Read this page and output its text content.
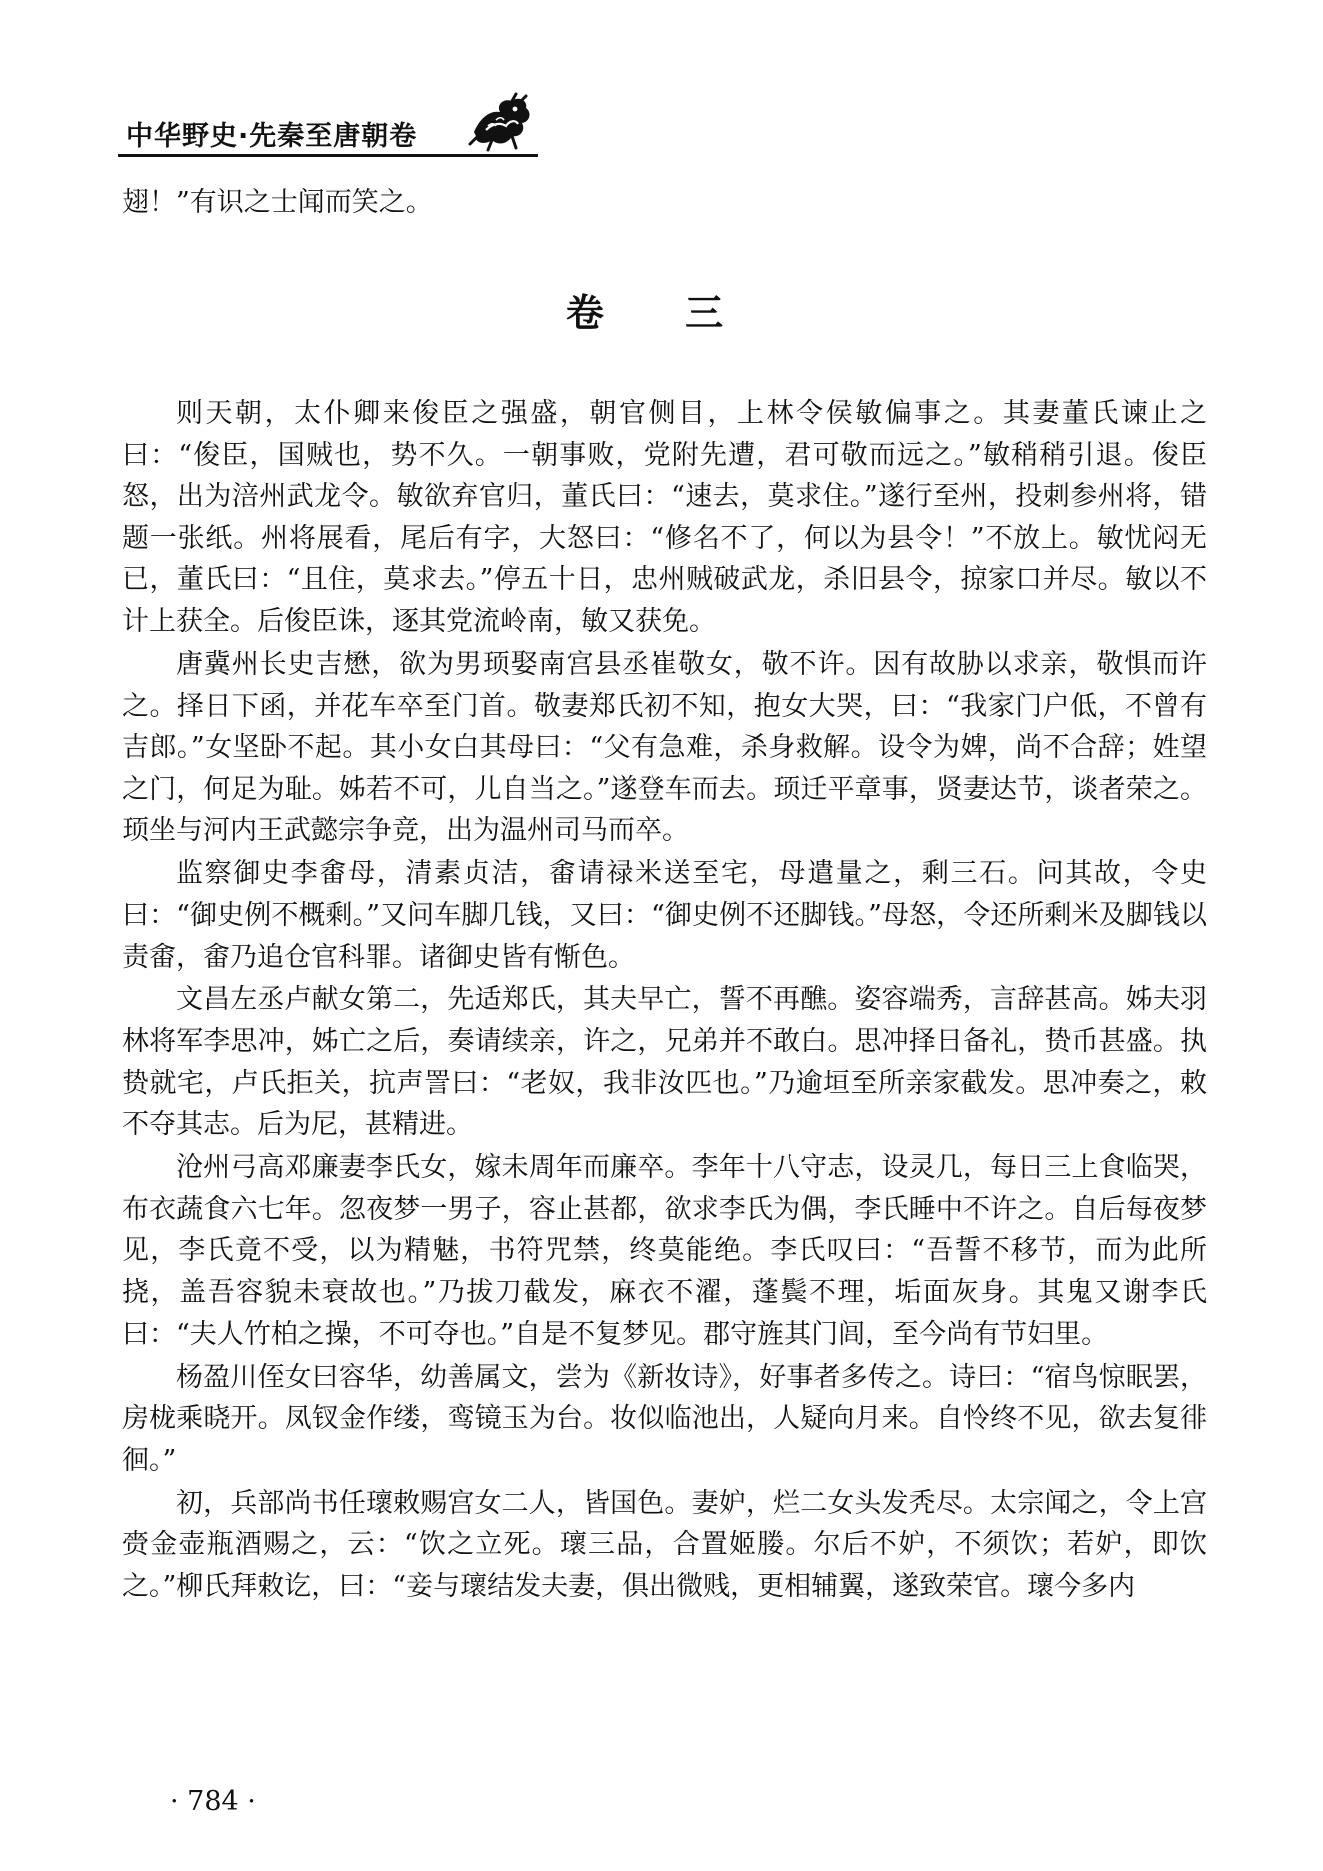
中华野史·先秦至唐朝卷
翅！”有识之士闻而笑之。
卷 三

则天朝，太仆卿来俊臣之强盛，朝官侧目，上林令侯敏偏事之。其妻董氏谏止之曰：“俊臣，国贼也，势不久。一朝事败，党附先遭，君可敬而远之。”敏稍稍引退。俊臣怒，出为涪州武龙令。敏欲弃官归，董氏曰：“速去，莫求住。”遂行至州，投刺参州将，错题一张纸。州将展看，尾后有字，大怒曰：“修名不了，何以为县令！”不放上。敏忧闷无已，董氏曰：“且住，莫求去。”停五十日，忠州贼破武龙，杀旧县令，掠家口并尽。敏以不计上获全。后俊臣诛，逐其党流岭南，敏又获免。

唐冀州长史吉懋，欲为男顼娶南宫县丞崔敬女，敬不许。因有故胁以求亲，敬惧而许之。择日下函，并花车卒至门首。敬妻郑氏初不知，抱女大哭，曰：“我家门户低，不曾有吉郎。”女坚卧不起。其小女白其母曰：“父有急难，杀身救解。设令为婢，尚不合辞；姓望之门，何足为耻。姊若不可，儿自当之。”遂登车而去。顼迁平章事，贤妻达节，谈者荣之。顼坐与河内王武懿宗争竞，出为温州司马而卒。

监察御史李畬母，清素贞洁，畬请禄米送至宅，母遣量之，剩三石。问其故，令史曰：“御史例不概剩。”又问车脚几钱，又曰：“御史例不还脚钱。”母怒，令还所剩米及脚钱以责畬，畬乃追仓官科罪。诸御史皆有惭色。

文昌左丞卢献女第二，先适郑氏，其夫早亡，誓不再醮。姿容端秀，言辞甚高。姊夫羽林将军李思冲，姊亡之后，奏请续亲，许之，兄弟并不敢白。思冲择日备礼，贽币甚盛。执贽就宅，卢氏拒关，抗声詈曰：“老奴，我非汝匹也。”乃逾垣至所亲家截发。思冲奏之，敕不夺其志。后为尼，甚精进。

沧州弓高邓廉妻李氏女，嫁未周年而廉卒。李年十八守志，设灵几，每日三上食临哭，布衣蔬食六七年。忽夜梦一男子，容止甚都，欲求李氏为偶，李氏睡中不许之。自后每夜梦见，李氏竟不受，以为精魅，书符咒禁，终莫能绝。李氏叹曰：“吾誓不移节，而为此所挠，盖吾容貌未衰故也。”乃拔刀截发，麻衣不濯，蓬鬓不理，垢面灰身。其鬼又谢李氏曰：“夫人竹柏之操，不可夺也。”自是不复梦见。郡守旌其门闾，至今尚有节妇里。

杨盈川侄女曰容华，幼善属文，尝为《新妆诗》，好事者多传之。诗曰：“宿鸟惊眠罢，房栊乘晓开。凤钗金作缕，鸾镜玉为台。妆似临池出，人疑向月来。自怜终不见，欲去复徘徊。”

初，兵部尚书任瓌敕赐宫女二人，皆国色。妻妒，烂二女头发秃尽。太宗闻之，令上宫赍金壶瓶酒赐之，云：“饮之立死。瓌三品，合置姬媵。尔后不妒，不须饮；若妒，即饮之。”柳氏拜敕讫，曰：“妾与瓌结发夫妻，俱出微贱，更相辅翼，遂致荣官。瓌今多内

· 784 ·
